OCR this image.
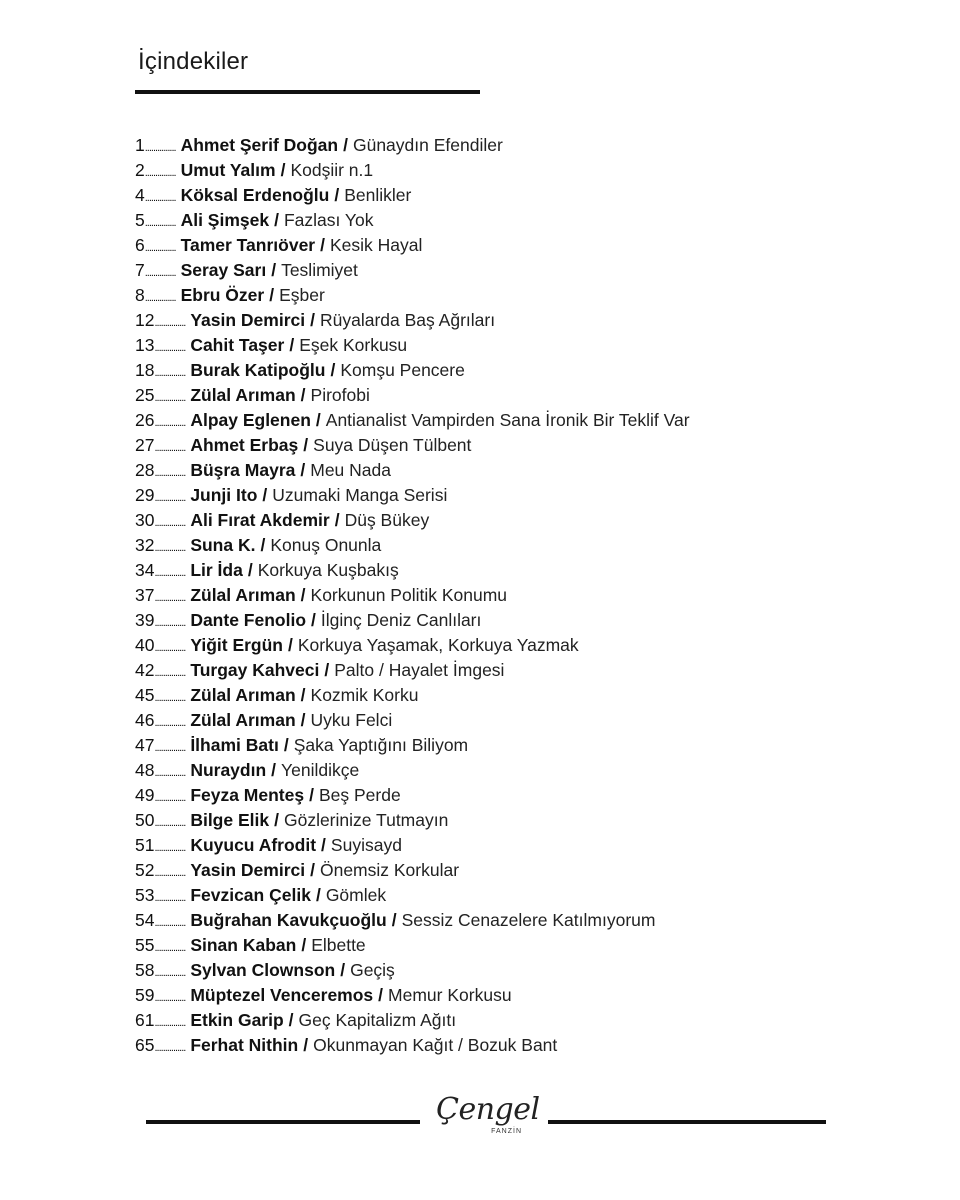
İçindekiler
1 ............... Ahmet Şerif Doğan / Günaydın Efendiler
2 ............... Umut Yalım / Kodşiir n.1
4 ............... Köksal Erdenoğlu / Benlikler
5 ............... Ali Şimşek / Fazlası Yok
6 ............... Tamer Tanrıöver / Kesik Hayal
7 ............... Seray Sarı / Teslimiyet
8 ............... Ebru Özer / Eşber
12 ............... Yasin Demirci / Rüyalarda Baş Ağrıları
13 ............... Cahit Taşer / Eşek Korkusu
18 ............... Burak Katipoğlu / Komşu Pencere
25 ............... Zülal Arıman / Pirofobi
26 ............... Alpay Eglenen / Antianalist Vampirden Sana İronik Bir Teklif Var
27 ............... Ahmet Erbaş / Suya Düşen Tülbent
28 ............... Büşra Mayra / Meu Nada
29 ............... Junji Ito / Uzumaki Manga Serisi
30 ............... Ali Fırat Akdemir / Düş Bükey
32 ............... Suna K. / Konuş Onunla
34 ............... Lir İda / Korkuya Kuşbakış
37 ............... Zülal Arıman / Korkunun Politik Konumu
39 ............... Dante Fenolio / İlginç Deniz Canlıları
40 ............... Yiğit Ergün / Korkuya Yaşamak, Korkuya Yazmak
42 ............... Turgay Kahveci / Palto / Hayalet İmgesi
45 ............... Zülal Arıman / Kozmik Korku
46 ............... Zülal Arıman / Uyku Felci
47 ............... İlhami Batı / Şaka Yaptığını Biliyom
48 ............... Nuraydın / Yenildikçe
49 ............... Feyza Menteş / Beş Perde
50 ............... Bilge Elik / Gözlerinize Tutmayın
51 ............... Kuyucu Afrodit / Suyisayd
52 ............... Yasin Demirci / Önemsiz Korkular
53 ............... Fevzican Çelik / Gömlek
54 ............... Buğrahan Kavukçuoğlu / Sessiz Cenazelere Katılmıyorum
55 ............... Sinan Kaban / Elbette
58 ............... Sylvan Clownson / Geçiş
59 ............... Müptezel Venceremos / Memur Korkusu
61 ............... Etkin Garip / Geç Kapitalizm Ağıtı
65 ............... Ferhat Nithin / Okunmayan Kağıt / Bozuk Bant
Çengel
FANZİN
